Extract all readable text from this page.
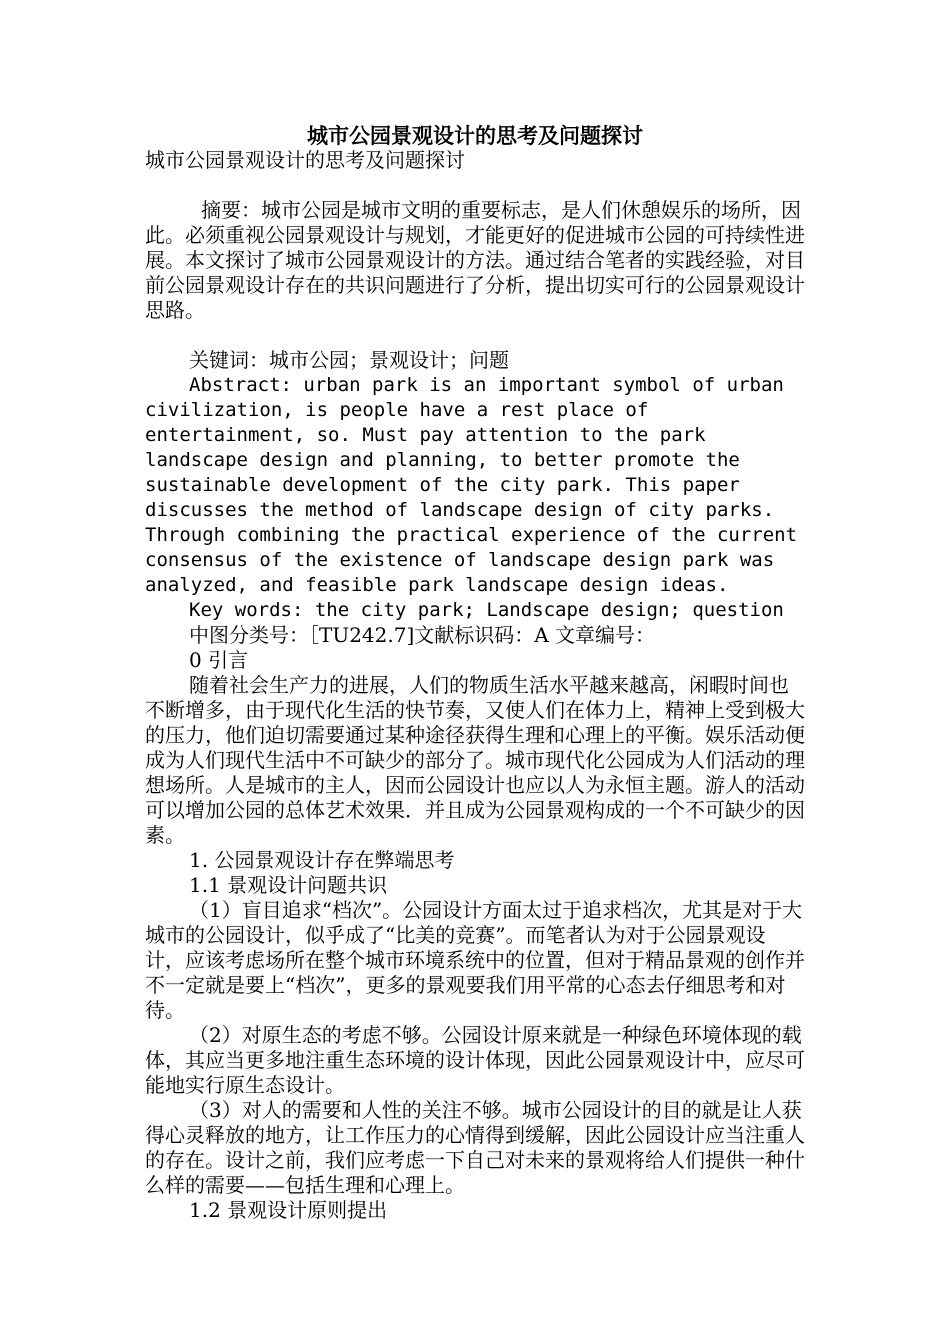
城市公园景观设计的思考及问题探讨

城市公园景观设计的思考及问题探讨

摘要：城市公园是城市文明的重要标志，是人们休憩娱乐的场所，因此。必须重视公园景观设计与规划，才能更好的促进城市公园的可持续性进展。本文探讨了城市公园景观设计的方法。通过结合笔者的实践经验，对目前公园景观设计存在的共识问题进行了分析，提出切实可行的公园景观设计思路。

关键词：城市公园；景观设计；问题

Abstract: urban park is an important symbol of urban civilization, is people have a rest place of entertainment, so. Must pay attention to the park landscape design and planning, to better promote the sustainable development of the city park. This paper discusses the method of landscape design of city parks. Through combining the practical experience of the current consensus of the existence of landscape design park was analyzed, and feasible park landscape design ideas.

Key words: the city park; Landscape design; question

中图分类号：［TU242.7]文献标识码：A 文章编号：

0 引言

随着社会生产力的进展，人们的物质生活水平越来越高，闲暇时间也不断增多，由于现代化生活的快节奏，又使人们在体力上，精神上受到极大的压力，他们迫切需要通过某种途径获得生理和心理上的平衡。娱乐活动便成为人们现代生活中不可缺少的部分了。城市现代化公园成为人们活动的理想场所。人是城市的主人，因而公园设计也应以人为永恒主题。游人的活动可以增加公园的总体艺术效果．并且成为公园景观构成的一个不可缺少的因素。

1. 公园景观设计存在弊端思考

1.1 景观设计问题共识

（1）盲目追求“档次”。公园设计方面太过于追求档次，尤其是对于大城市的公园设计，似乎成了“比美的竞赛”。而笔者认为对于公园景观设计，应该考虑场所在整个城市环境系统中的位置，但对于精品景观的创作并不一定就是要上“档次”，更多的景观要我们用平常的心态去仔细思考和对待。

（2）对原生态的考虑不够。公园设计原来就是一种绿色环境体现的载体，其应当更多地注重生态环境的设计体现，因此公园景观设计中，应尽可能地实行原生态设计。

（3）对人的需要和人性的关注不够。城市公园设计的目的就是让人获得心灵释放的地方，让工作压力的心情得到缓解，因此公园设计应当注重人的存在。设计之前，我们应考虑一下自己对未来的景观将给人们提供一种什么样的需要——包括生理和心理上。

1.2 景观设计原则提出
